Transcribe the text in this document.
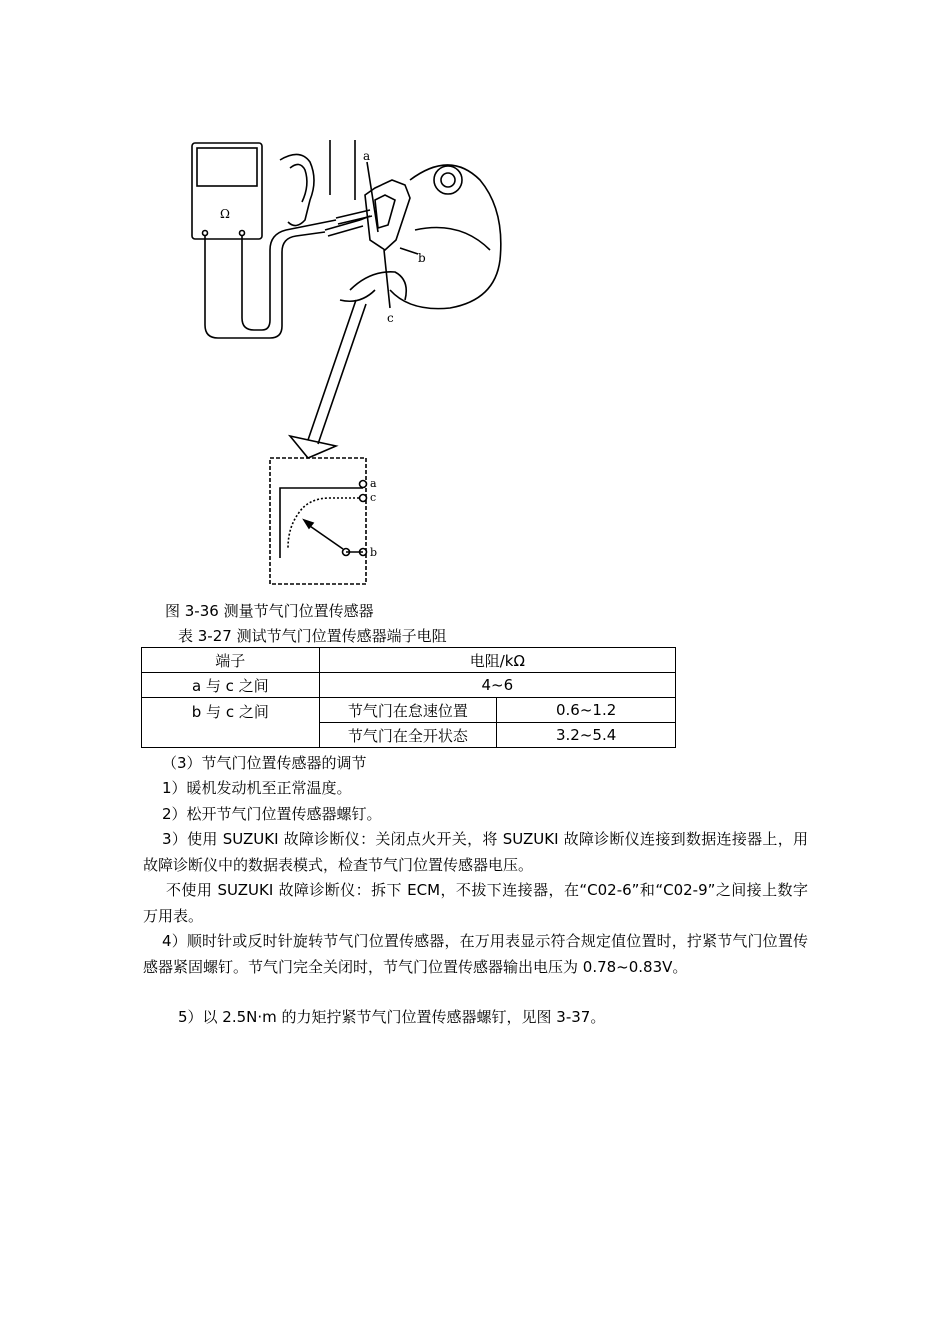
Ω
a
b
c
a
c
b
图 3-36 测量节气门位置传感器
表 3-27 测试节气门位置传感器端子电阻
端子	电阻/kΩ	
a 与 c 之间	4~6	
b 与 c 之间	节气门在怠速位置	0.6~1.2
	节气门在全开状态	3.2~5.4
（3）节气门位置传感器的调节
1）暖机发动机至正常温度。
2）松开节气门位置传感器螺钉。
3）使用 SUZUKI 故障诊断仪：关闭点火开关，将 SUZUKI 故障诊断仪连接到数据连接器上，用故障诊断仪中的数据表模式，检查节气门位置传感器电压。
不使用 SUZUKI 故障诊断仪：拆下 ECM，不拔下连接器，在“C02-6”和“C02-9”之间接上数字万用表。
4）顺时针或反时针旋转节气门位置传感器，在万用表显示符合规定值位置时，拧紧节气门位置传感器紧固螺钉。节气门完全关闭时，节气门位置传感器输出电压为 0.78~0.83V。
5）以 2.5N·m 的力矩拧紧节气门位置传感器螺钉，见图 3-37。
